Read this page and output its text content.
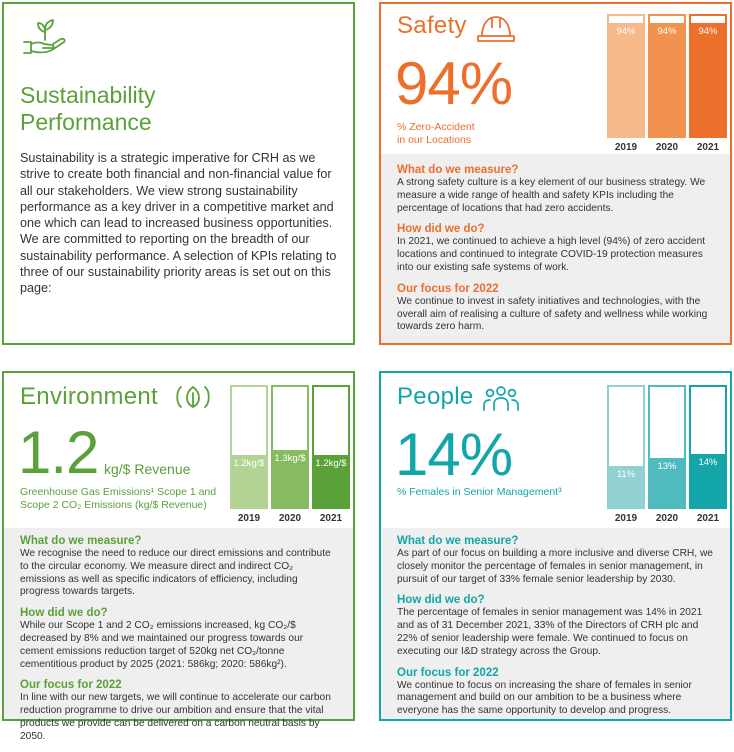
Sustainability
Performance

Sustainability is a strategic imperative for CRH as we strive to create both financial and non-financial value for all our stakeholders. We view strong sustainability performance as a key driver in a competitive market and one which can lead to increased business opportunities. We are committed to reporting on the breadth of our sustainability performance. A selection of KPIs relating to three of our sustainability priority areas is set out on this page:

Safety
94%
% Zero-Accident
in our Locations
94%	94%	94%
2019	2020	2021
What do we measure?
A strong safety culture is a key element of our business strategy. We measure a wide range of health and safety KPIs including the percentage of locations that had zero accidents.
How did we do?
In 2021, we continued to achieve a high level (94%) of zero accident locations and continued to integrate COVID-19 protection measures into our existing safe systems of work.
Our focus for 2022
We continue to invest in safety initiatives and technologies, with the overall aim of realising a culture of safety and wellness while working towards zero harm.
Environment
1.2 kg/$ Revenue
Greenhouse Gas Emissions¹ Scope 1 and
Scope 2 CO₂ Emissions (kg/$ Revenue)
1.2kg/$ 1.3kg/$ 1.2kg/$
2019	2020	2021
What do we measure?
We recognise the need to reduce our direct emissions and contribute to the circular economy. We measure direct and indirect CO₂ emissions as well as specific indicators of efficiency, including progress towards targets.
How did we do?
While our Scope 1 and 2 CO₂ emissions increased, kg CO₂/$ decreased by 8% and we maintained our progress towards our cement emissions reduction target of 520kg net CO₂/tonne cementitious product by 2025 (2021: 586kg; 2020: 586kg²).
Our focus for 2022
In line with our new targets, we will continue to accelerate our carbon reduction programme to drive our ambition and ensure that the vital products we provide can be delivered on a carbon neutral basis by 2050.
People
14%
% Females in Senior Management³
11%
13%	14%
2019	2020	2021
What do we measure?
As part of our focus on building a more inclusive and diverse CRH, we closely monitor the percentage of females in senior management, in pursuit of our target of 33% female senior leadership by 2030.
How did we do?
The percentage of females in senior management was 14% in 2021 and as of 31 December 2021, 33% of the Directors of CRH plc and 22% of senior leadership were female. We continued to focus on executing our I&D strategy across the Group.
Our focus for 2022
We continue to focus on increasing the share of females in senior management and build on our ambition to be a business where everyone has the same opportunity to develop and progress.
